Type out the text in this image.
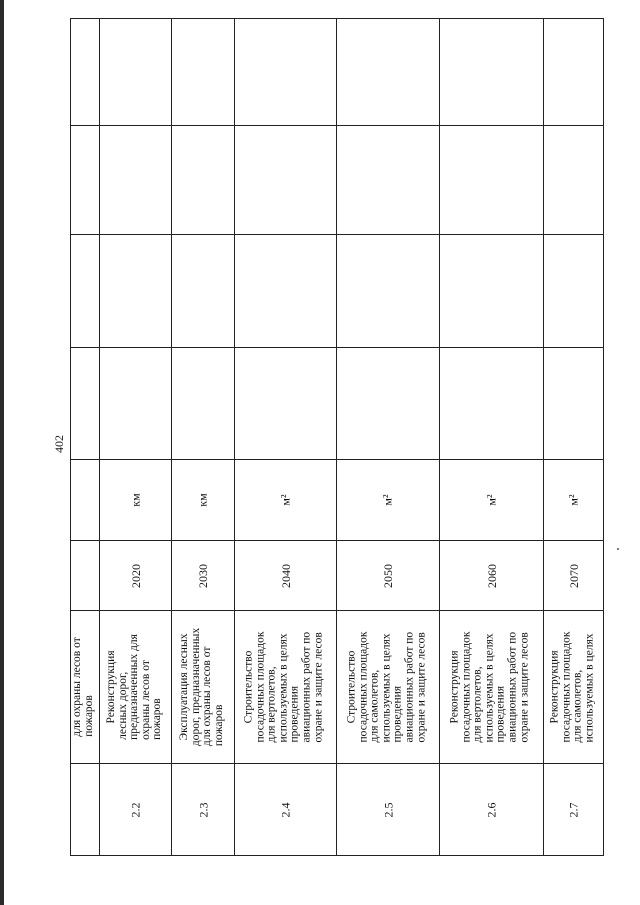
402
для охраны лесов от пожаров
2.2
Реконструкция лесных дорог, предназначенных для охраны лесов от пожаров
2020
км
2.3
Эксплуатация лесных дорог, предназначенных для охраны лесов от пожаров
2030
км
2.4
Строительство посадочных площадок для вертолетов, используемых в целях проведения авиационных работ по охране и защите лесов
2040
м²
2.5
Строительство посадочных площадок для самолетов, используемых в целях проведения авиационных работ по охране и защите лесов
2050
м²
2.6
Реконструкция посадочных площадок для вертолетов, используемых в целях проведения авиационных работ по охране и защите лесов
2060
м²
2.7
Реконструкция посадочных площадок для самолетов, используемых в целях
2070
м²
